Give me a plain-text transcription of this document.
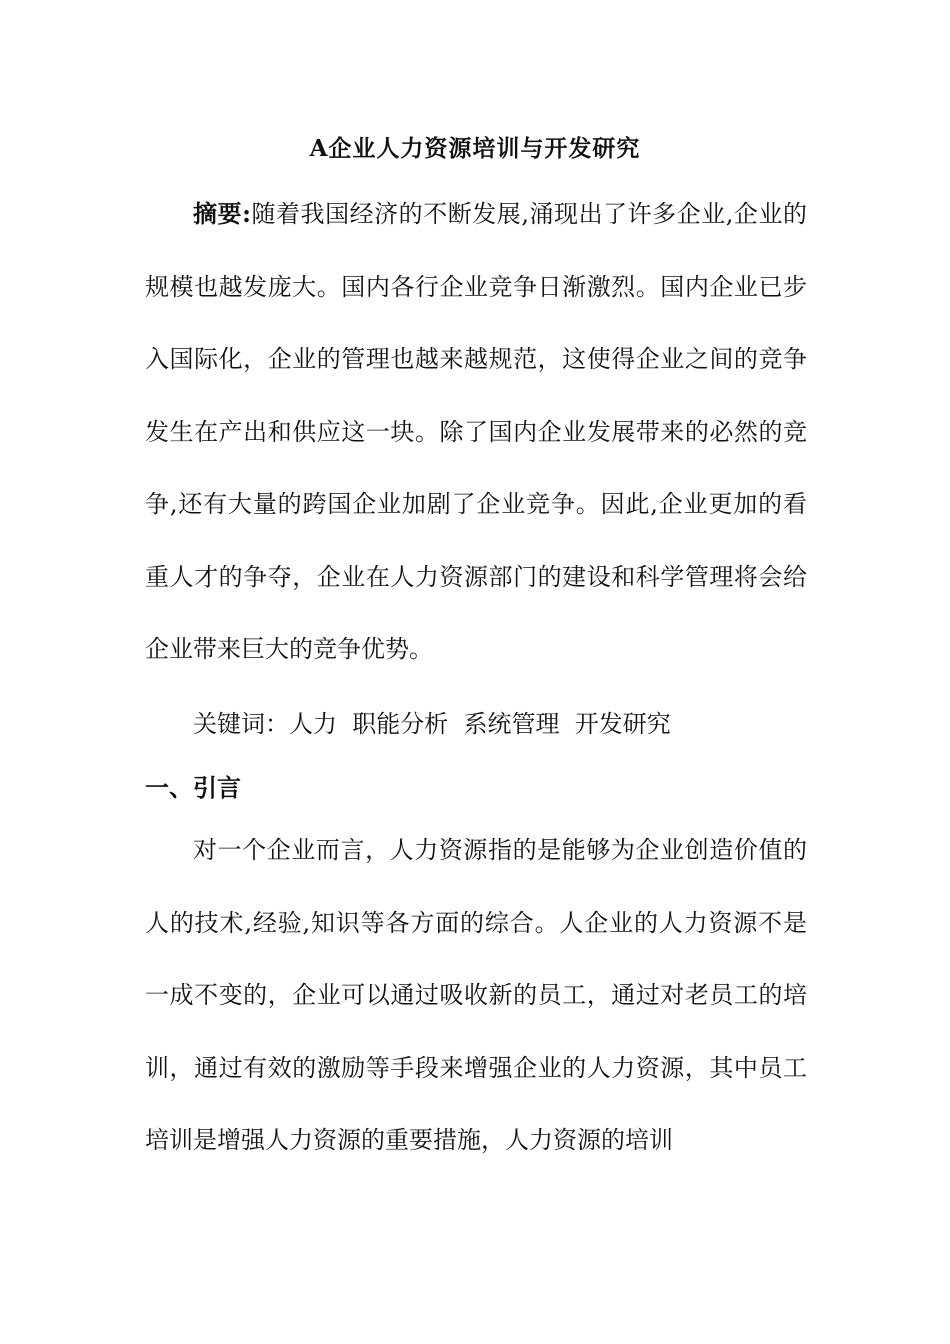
A企业人力资源培训与开发研究

摘要:随着我国经济的不断发展,涌现出了许多企业,企业的规模也越发庞大。国内各行企业竞争日渐激烈。国内企业已步入国际化，企业的管理也越来越规范，这使得企业之间的竞争发生在产出和供应这一块。除了国内企业发展带来的必然的竞争,还有大量的跨国企业加剧了企业竞争。因此,企业更加的看重人才的争夺，企业在人力资源部门的建设和科学管理将会给企业带来巨大的竞争优势。

关键词：人力  职能分析  系统管理  开发研究
一、引言

对一个企业而言，人力资源指的是能够为企业创造价值的人的技术,经验,知识等各方面的综合。人企业的人力资源不是一成不变的，企业可以通过吸收新的员工，通过对老员工的培训，通过有效的激励等手段来增强企业的人力资源，其中员工培训是增强人力资源的重要措施，人力资源的培训
